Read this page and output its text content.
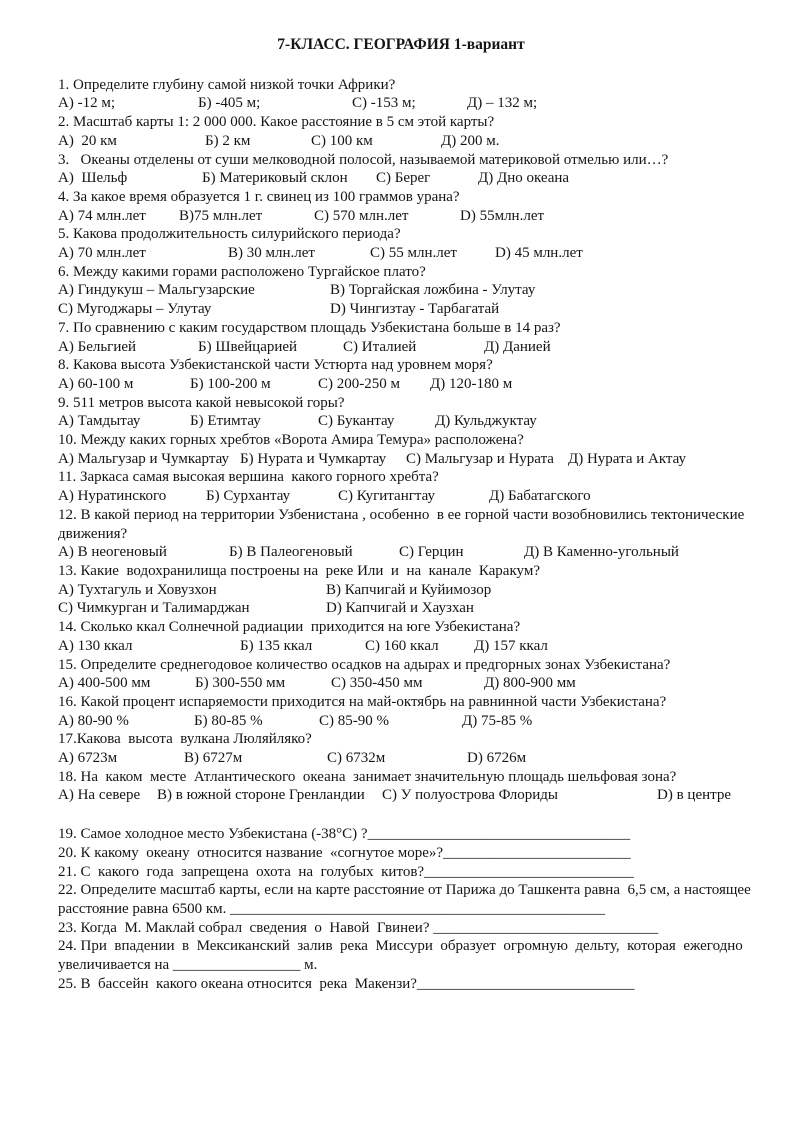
7-КЛАСС. ГЕОГРАФИЯ 1-вариант
1. Определите глубину самой низкой точки Африки?
А) -12 м;	Б) -405 м;	С) -153 м;	Д) – 132 м;
2. Масштаб карты 1: 2 000 000. Какое расстояние в 5 см этой карты?
А)  20 км	Б) 2 км	С) 100 км	Д) 200 м.
3.   Океаны отделены от суши мелководной полосой, называемой материковой отмелью или…?
А)  Шельф	Б) Материковый склон С) Берег	Д) Дно океана
4. За какое время образуется 1 г. свинец из 100 граммов урана?
А) 74 млн.лет В)75 млн.лет	С) 570 млн.лет	D) 55млн.лет
5. Какова продолжительность силурийского периода?
А) 70 млн.лет	В) 30 млн.лет	С) 55 млн.лет	D) 45 млн.лет
6. Между какими горами расположено Тургайское плато?
А) Гиндукуш – Мальгузарские	В) Торгайская ложбина - Улутау
С) Мугоджары – Улутау	D) Чингизтау - Тарбагатай
7. По сравнению с каким государством площадь Узбекистана больше в 14 раз?
А) Бельгией	Б) Швейцарией	С) Италией	Д) Данией
8. Какова высота Узбекистанской части Устюрта над уровнем моря?
А) 60-100 м	Б) 100-200 м	С) 200-250 м Д) 120-180 м
9. 511 метров высота какой невысокой горы?
А) Тамдытау	Б) Етимтау	С) Букантау	Д) Кульджуктау
10. Между каких горных хребтов «Ворота Амира Темура» расположена?
А) Мальгузар и Чумкартау Б) Нурата и Чумкартау С) Мальгузар и Нурата Д) Нурата и Актау
11. Заркаса самая высокая вершина  какого горного хребта?
А) Нуратинского	Б) Сурхантау	С) Кугитангтау	Д) Бабатагского
12. В какой период на территории Узбенистана , особенно  в ее горной части возобновились тектонические
движения?
А) В неогеновый	Б) В Палеогеновый	С) Герцин	Д) В Каменно-угольный
13. Какие  водохранилища построены на  реке Или  и  на  канале  Каракум?
А) Тухтагуль и Ховузхон	В) Капчигай и Куйимозор
С) Чимкурган и Талимарджан	D) Капчигай и Хаузхан
14. Сколько ккал Солнечной радиации  приходится на юге Узбекистана?
А) 130 ккал	Б) 135 ккал	С) 160 ккал Д) 157 ккал
15. Определите среднегодовое количество осадков на адырах и предгорных зонах Узбекистана?
А) 400-500 мм	Б) 300-550 мм	С) 350-450 мм	Д) 800-900 мм
16. Какой процент испаряемости приходится на май-октябрь на равнинной части Узбекистана?
А) 80-90 %	Б) 80-85 %	С) 85-90 %	Д) 75-85 %
17.Какова  высота  вулкана Люляйляко?
А) 6723м	В) 6727м	С) 6732м	D) 6726м
18. На  каком  месте  Атлантического  океана  занимает значительную площадь шельфовая зона?
А) На севере В) в южной стороне Гренландии С) У полуострова Флориды	D) в центре
19. Самое холодное место Узбекистана (-38°С) ?___________________________________
20. К какому  океану  относится название  «согнутое море»?_________________________
21. С  какого  года  запрещена  охота  на  голубых  китов?____________________________
22. Определите масштаб карты, если на карте расстояние от Парижа до Ташкента равна  6,5 см, а настоящее
расстояние равна 6500 км. __________________________________________________
23. Когда  М. Маклай собрал  сведения  о  Навой  Гвинеи? ______________________________
24. При  впадении  в  Мексиканский  залив  река  Миссури  образует  огромную  дельту,  которая  ежегодно
увеличивается на _________________ м.
25. В  бассейн  какого океана относится  река  Макензи?_____________________________
